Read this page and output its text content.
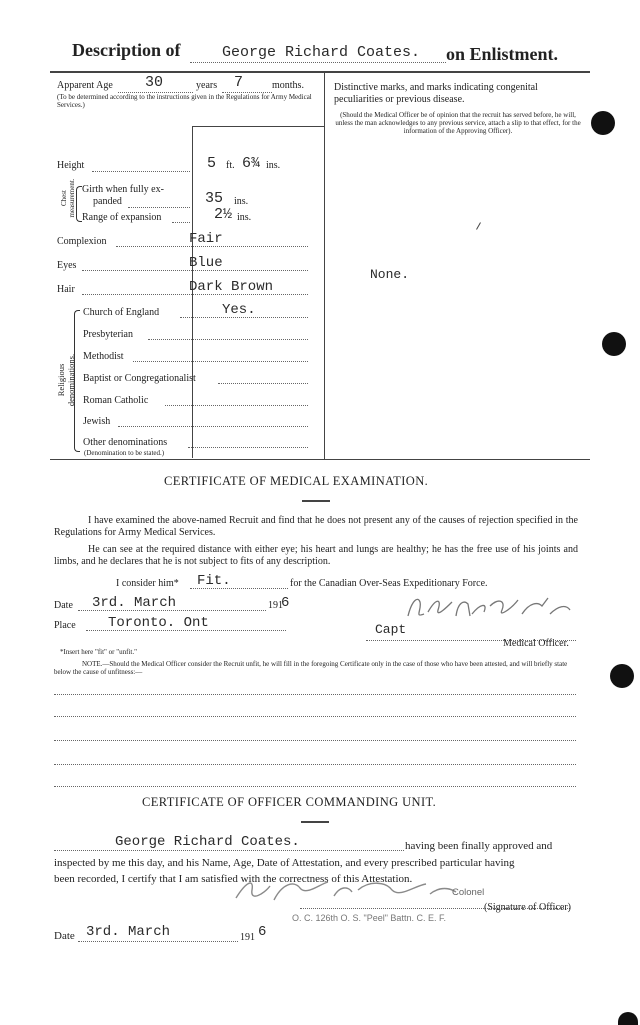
Description of	George Richard Coates. on Enlistment.
Apparent Age 30	years 7	months.
(To be determined according to the instructions given in the Regulations for Army Medical Services.)
Height	5 ft. 6¾ ins.
Chest measurement. Girth when fully ex-
panded	35 ins.
Range of expansion	2½ ins.
Complexion	Fair
Eyes	Blue
Hair	Dark Brown
Religious denominations.
Church of England	Yes.
Presbyterian
Methodist
Baptist or Congregationalist
Roman Catholic
Jewish
Other denominations
(Denomination to be stated.)
Distinctive marks, and marks indicating congenital
peculiarities or previous disease.
(Should the Medical Officer be of opinion that the recruit has served before, he will, unless the man acknowledges to any previous service, attach a slip to that effect, for the information of the Approving Officer).
None.
CERTIFICATE OF MEDICAL EXAMINATION.
I have examined the above-named Recruit and find that he does not present any of the causes of rejection specified in the Regulations for Army Medical Services.
He can see at the required distance with either eye; his heart and lungs are healthy; he has the free use of his joints and limbs, and he declares that he is not subject to fits of any description.
I consider him* Fit.	for the Canadian Over-Seas Expeditionary Force.
Date 3rd. March	191
6
Place Toronto. Ont	Capt
Medical Officer.
*Insert here "fit" or "unfit."
NOTE.—Should the Medical Officer consider the Recruit unfit, he will fill in the foregoing Certificate only in the case of those who have been attested, and will briefly state below the cause of unfitness:—
CERTIFICATE OF OFFICER COMMANDING UNIT.
George Richard Coates.	having been finally approved and
inspected by me this day, and his Name, Age, Date of Attestation, and every prescribed particular having
been recorded, I certify that I am satisfied with the correctness of this Attestation.
Colonel
(Signature of Officer)
O. C. 126th O. S. "Peel" Battn. C. E. F.
Date 3rd. March	191 6
